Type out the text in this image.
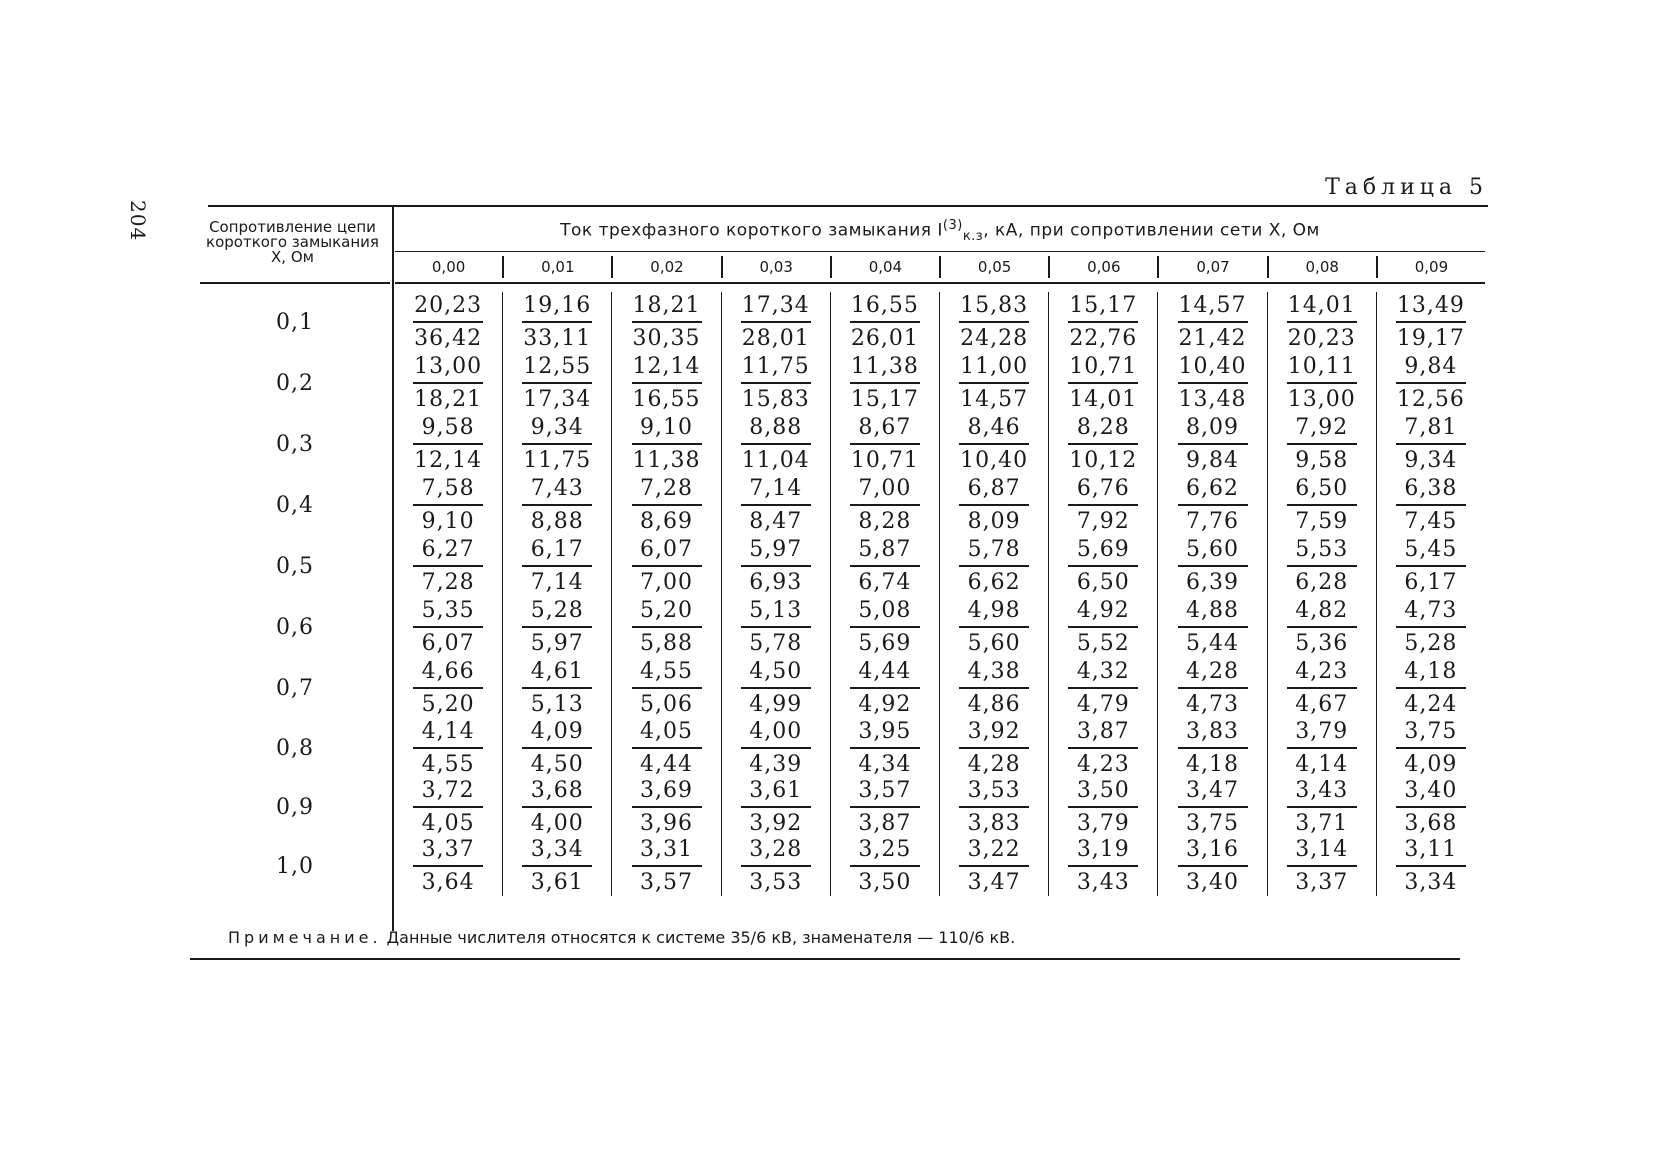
204
Таблица 5
Сопротивление цепи короткого замыкания X, Ом
Ток трехфазного короткого замыкания $I^{(3)}_{к.з}$, кА, при сопротивлении сети X, Ом
0,00	0,01	0,02	0,03	0,04	0,05	0,06	0,07	0,08	0,09
0,1	$\frac{20,23}{36,42} \frac{19,16}{33,11} \frac{18,21}{30,35} \frac{17,34}{28,01} \frac{16,55}{26,01} \frac{15,83}{24,28} \frac{15,17}{22,76} \frac{14,57}{21,42} \frac{14,01}{20,23} \frac{13,49}{19,17}$
0,2	$\frac{13,00}{18,21} \frac{12,55}{17,34} \frac{12,14}{16,55} \frac{11,75}{15,83} \frac{11,38}{15,17} \frac{11,00}{14,57} \frac{10,71}{14,01} \frac{10,40}{13,48} \frac{10,11}{13,00} \frac{9,84}{12,56}$
0,3	$\frac{9,58}{12,14} \frac{9,34}{11,75} \frac{9,10}{11,38} \frac{8,88}{11,04} \frac{8,67}{10,71} \frac{8,46}{10,40} \frac{8,28}{10,12} \frac{8,09}{9,84} \frac{7,92}{9,58} \frac{7,81}{9,34}$
0,4	$\frac{7,58}{9,10} \frac{7,43}{8,88} \frac{7,28}{8,69} \frac{7,14}{8,47} \frac{7,00}{8,28} \frac{6,87}{8,09} \frac{6,76}{7,92} \frac{6,62}{7,76} \frac{6,50}{7,59} \frac{6,38}{7,45}$
0,5	$\frac{6,27}{7,28} \frac{6,17}{7,14} \frac{6,07}{7,00} \frac{5,97}{6,93} \frac{5,87}{6,74} \frac{5,78}{6,62} \frac{5,69}{6,50} \frac{5,60}{6,39} \frac{5,53}{6,28} \frac{5,45}{6,17}$
0,6	$\frac{5,35}{6,07} \frac{5,28}{5,97} \frac{5,20}{5,88} \frac{5,13}{5,78} \frac{5,08}{5,69} \frac{4,98}{5,60} \frac{4,92}{5,52} \frac{4,88}{5,44} \frac{4,82}{5,36} \frac{4,73}{5,28}$
0,7	$\frac{4,66}{5,20} \frac{4,61}{5,13} \frac{4,55}{5,06} \frac{4,50}{4,99} \frac{4,44}{4,92} \frac{4,38}{4,86} \frac{4,32}{4,79} \frac{4,28}{4,73} \frac{4,23}{4,67} \frac{4,18}{4,24}$
0,8	$\frac{4,14}{4,55} \frac{4,09}{4,50} \frac{4,05}{4,44} \frac{4,00}{4,39} \frac{3,95}{4,34} \frac{3,92}{4,28} \frac{3,87}{4,23} \frac{3,83}{4,18} \frac{3,79}{4,14} \frac{3,75}{4,09}$
0,9	$\frac{3,72}{4,05} \frac{3,68}{4,00} \frac{3,69}{3,96} \frac{3,61}{3,92} \frac{3,57}{3,87} \frac{3,53}{3,83} \frac{3,50}{3,79} \frac{3,47}{3,75} \frac{3,43}{3,71} \frac{3,40}{3,68}$
1,0	$\frac{3,37}{3,64} \frac{3,34}{3,61} \frac{3,31}{3,57} \frac{3,28}{3,53} \frac{3,25}{3,50} \frac{3,22}{3,47} \frac{3,19}{3,43} \frac{3,16}{3,40} \frac{3,14}{3,37} \frac{3,11}{3,34}$
Примечание. Данные числителя относятся к системе 35/6 кВ, знаменателя — 110/6 кВ.
